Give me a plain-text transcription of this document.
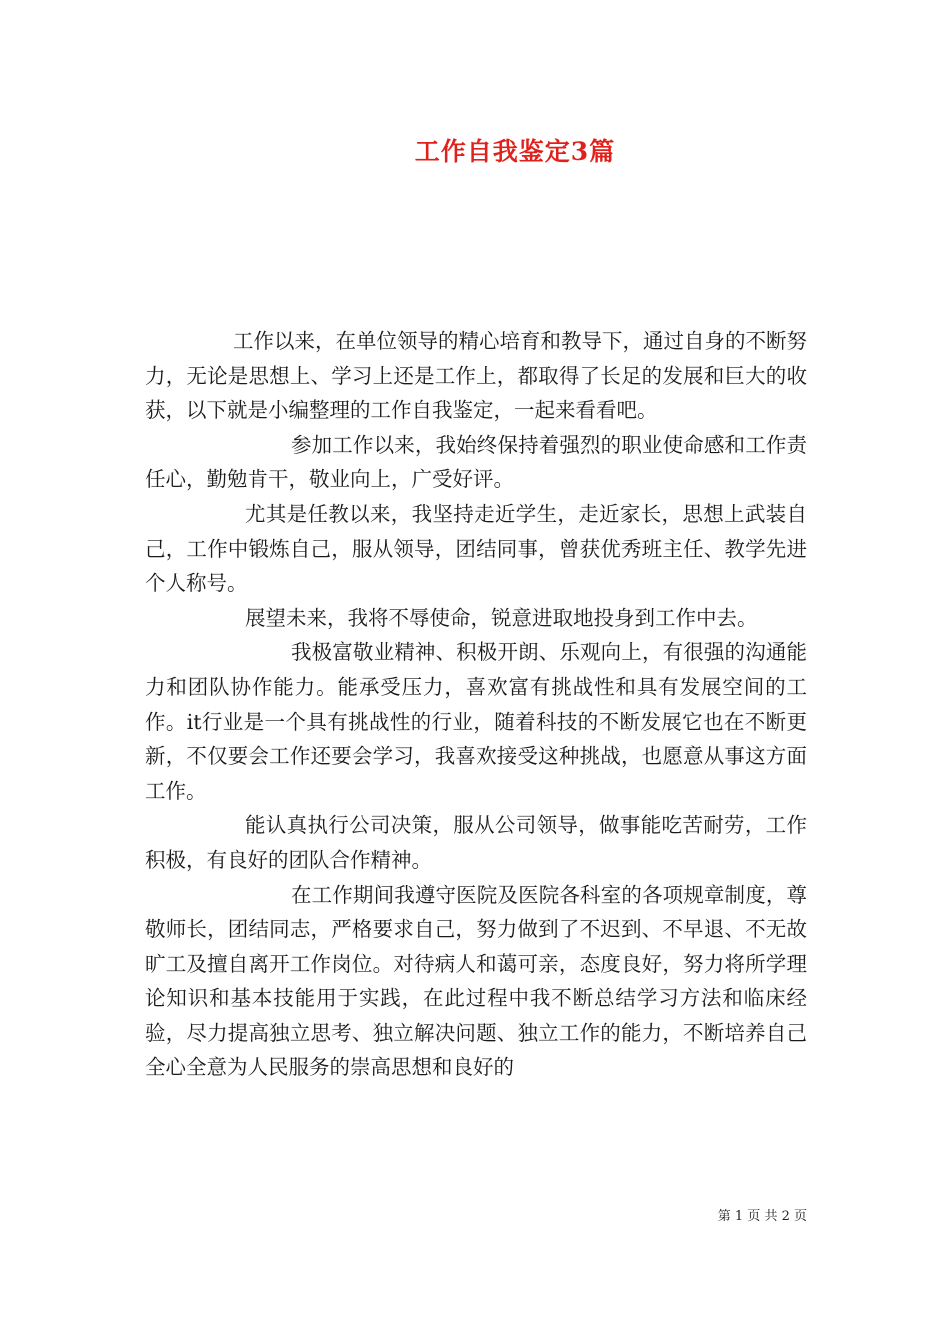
工作自我鉴定3篇

工作以来，在单位领导的精心培育和教导下，通过自身的不断努力，无论是思想上、学习上还是工作上，都取得了长足的发展和巨大的收获，以下就是小编整理的工作自我鉴定，一起来看看吧。

参加工作以来，我始终保持着强烈的职业使命感和工作责任心，勤勉肯干，敬业向上，广受好评。

尤其是任教以来，我坚持走近学生，走近家长，思想上武装自己，工作中锻炼自己，服从领导，团结同事，曾获优秀班主任、教学先进个人称号。

展望未来，我将不辱使命，锐意进取地投身到工作中去。

我极富敬业精神、积极开朗、乐观向上，有很强的沟通能力和团队协作能力。能承受压力，喜欢富有挑战性和具有发展空间的工作。it行业是一个具有挑战性的行业，随着科技的不断发展它也在不断更新，不仅要会工作还要会学习，我喜欢接受这种挑战，也愿意从事这方面工作。

能认真执行公司决策，服从公司领导，做事能吃苦耐劳，工作积极，有良好的团队合作精神。

在工作期间我遵守医院及医院各科室的各项规章制度，尊敬师长，团结同志，严格要求自己，努力做到了不迟到、不早退、不无故旷工及擅自离开工作岗位。对待病人和蔼可亲，态度良好，努力将所学理论知识和基本技能用于实践，在此过程中我不断总结学习方法和临床经验，尽力提高独立思考、独立解决问题、独立工作的能力，不断培养自己全心全意为人民服务的崇高思想和良好的

第 1 页 共 2 页
